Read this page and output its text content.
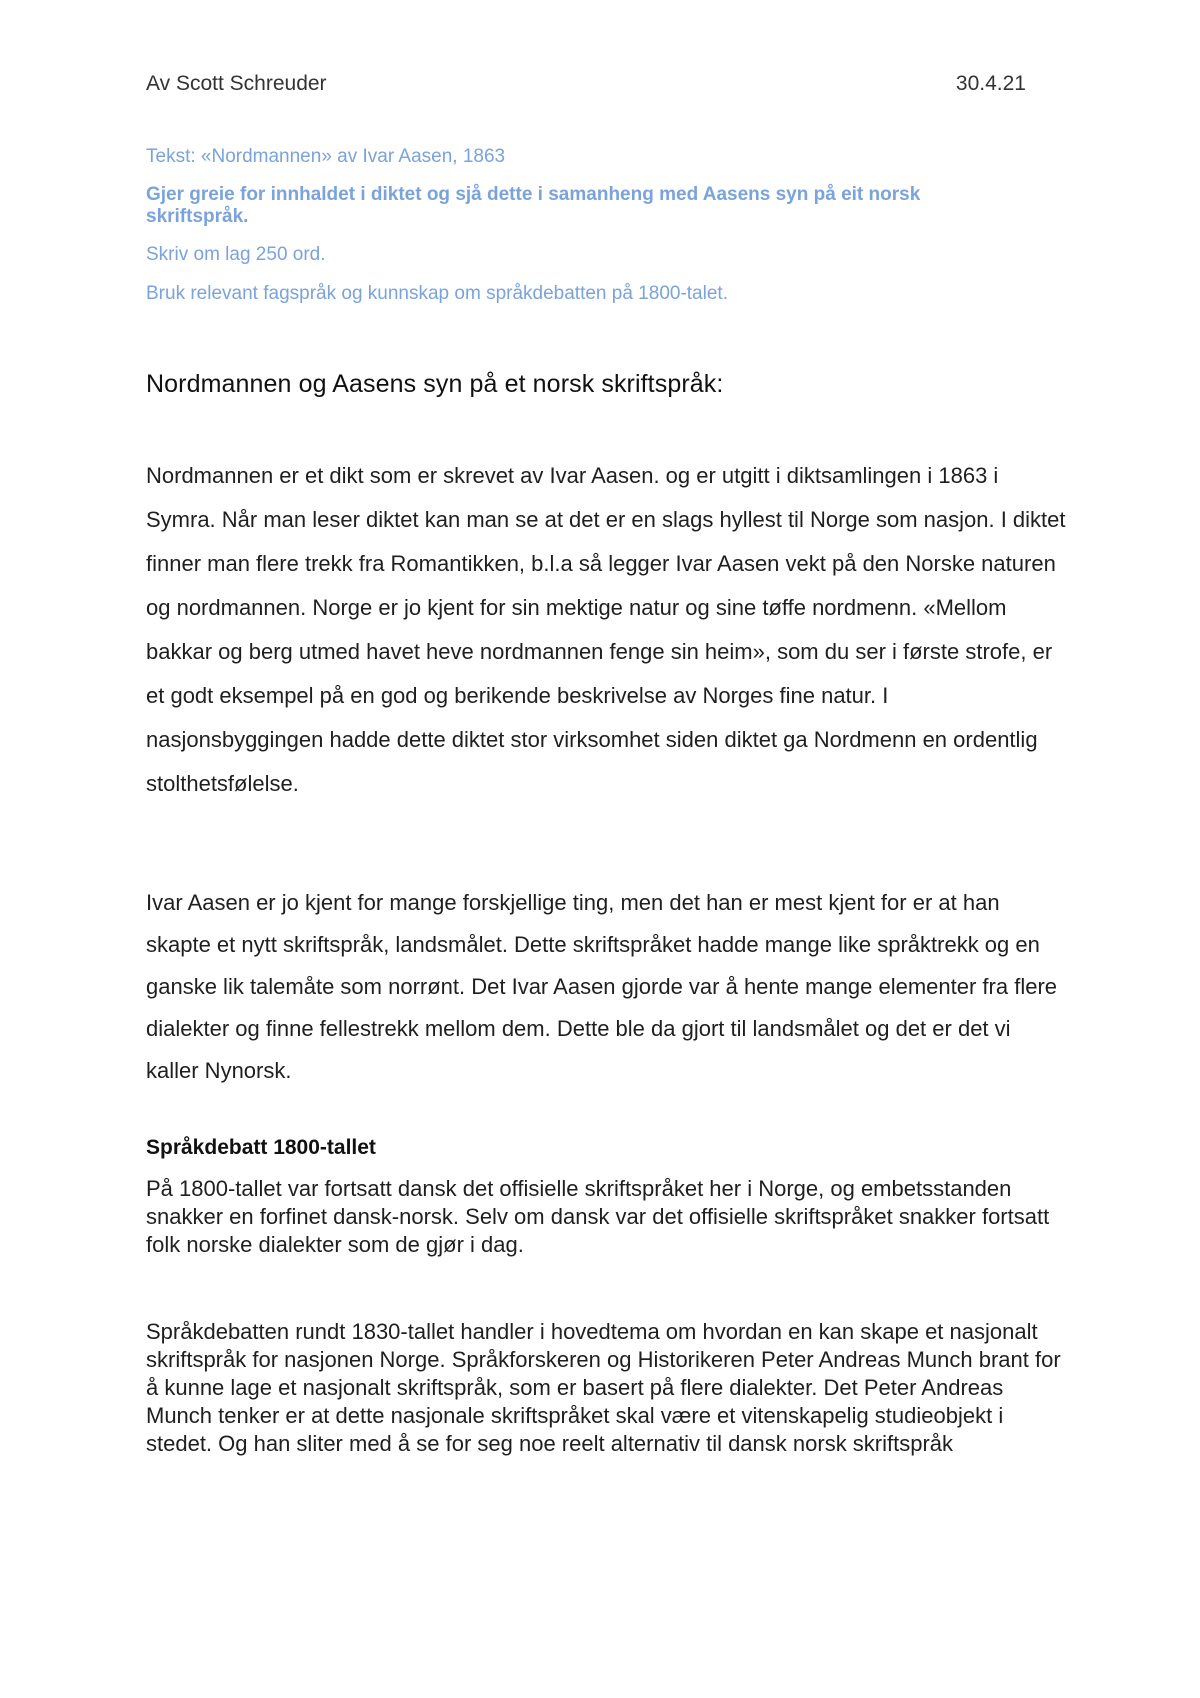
Av Scott Schreuder	30.4.21

Tekst: «Nordmannen» av Ivar Aasen, 1863

Gjer greie for innhaldet i diktet og sjå dette i samanheng med Aasens syn på eit norsk skriftspråk.

Skriv om lag 250 ord.

Bruk relevant fagspråk og kunnskap om språkdebatten på 1800-talet.

Nordmannen og Aasens syn på et norsk skriftspråk:

Nordmannen er et dikt som er skrevet av Ivar Aasen. og er utgitt i diktsamlingen i 1863 i Symra. Når man leser diktet kan man se at det er en slags hyllest til Norge som nasjon. I diktet finner man flere trekk fra Romantikken, b.l.a så legger Ivar Aasen vekt på den Norske naturen og nordmannen. Norge er jo kjent for sin mektige natur og sine tøffe nordmenn. «Mellom bakkar og berg utmed havet heve nordmannen fenge sin heim», som du ser i første strofe, er et godt eksempel på en god og berikende beskrivelse av Norges fine natur. I nasjonsbyggingen hadde dette diktet stor virksomhet siden diktet ga Nordmenn en ordentlig stolthetsfølelse.

Ivar Aasen er jo kjent for mange forskjellige ting, men det han er mest kjent for er at han skapte et nytt skriftspråk, landsmålet. Dette skriftspråket hadde mange like språktrekk og en ganske lik talemåte som norrønt. Det Ivar Aasen gjorde var å hente mange elementer fra flere dialekter og finne fellestrekk mellom dem. Dette ble da gjort til landsmålet og det er det vi kaller Nynorsk.

Språkdebatt 1800-tallet

På 1800-tallet var fortsatt dansk det offisielle skriftspråket her i Norge, og embetsstanden snakker en forfinet dansk-norsk. Selv om dansk var det offisielle skriftspråket snakker fortsatt folk norske dialekter som de gjør i dag.

Språkdebatten rundt 1830-tallet handler i hovedtema om hvordan en kan skape et nasjonalt skriftspråk for nasjonen Norge. Språkforskeren og Historikeren Peter Andreas Munch brant for å kunne lage et nasjonalt skriftspråk, som er basert på flere dialekter. Det Peter Andreas Munch tenker er at dette nasjonale skriftspråket skal være et vitenskapelig studieobjekt i stedet. Og han sliter med å se for seg noe reelt alternativ til dansk norsk skriftspråk
